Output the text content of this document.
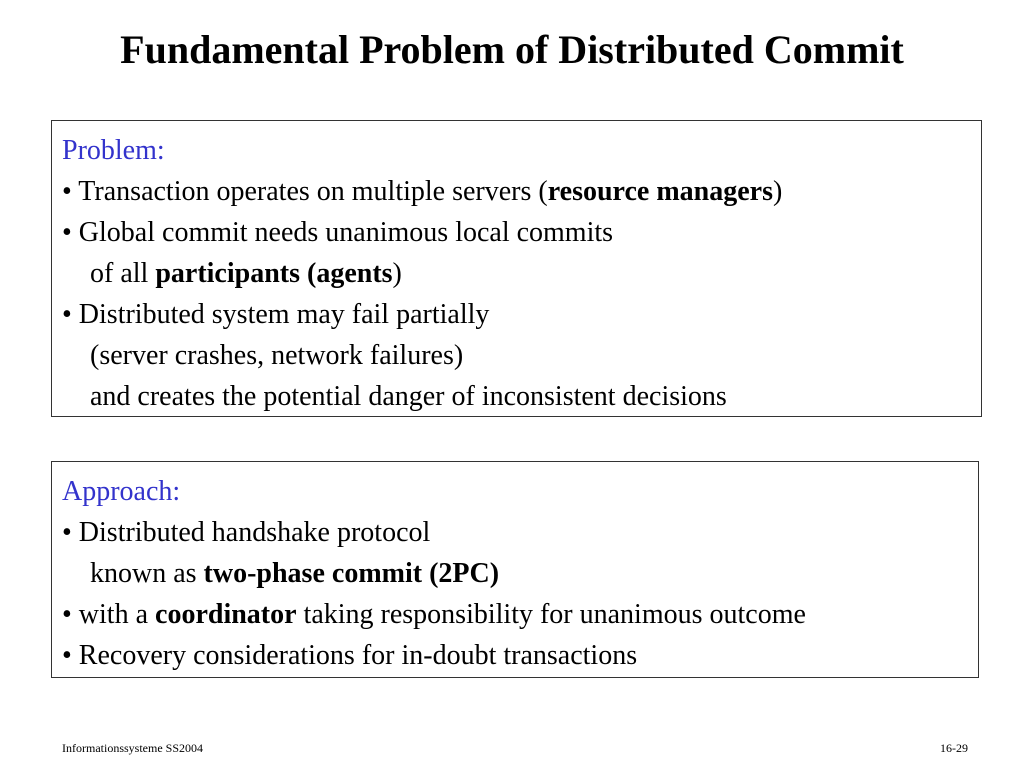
Fundamental Problem of Distributed Commit
Problem:
• Transaction operates on multiple servers (resource managers)
• Global commit needs unanimous local commits
of all participants (agents)
• Distributed system may fail partially
(server crashes, network failures)
and creates the potential danger of inconsistent decisions
Approach:
• Distributed handshake protocol
known as two-phase commit (2PC)
• with a coordinator taking responsibility for unanimous outcome
• Recovery considerations for in-doubt transactions
Informationssysteme SS2004	16-29
